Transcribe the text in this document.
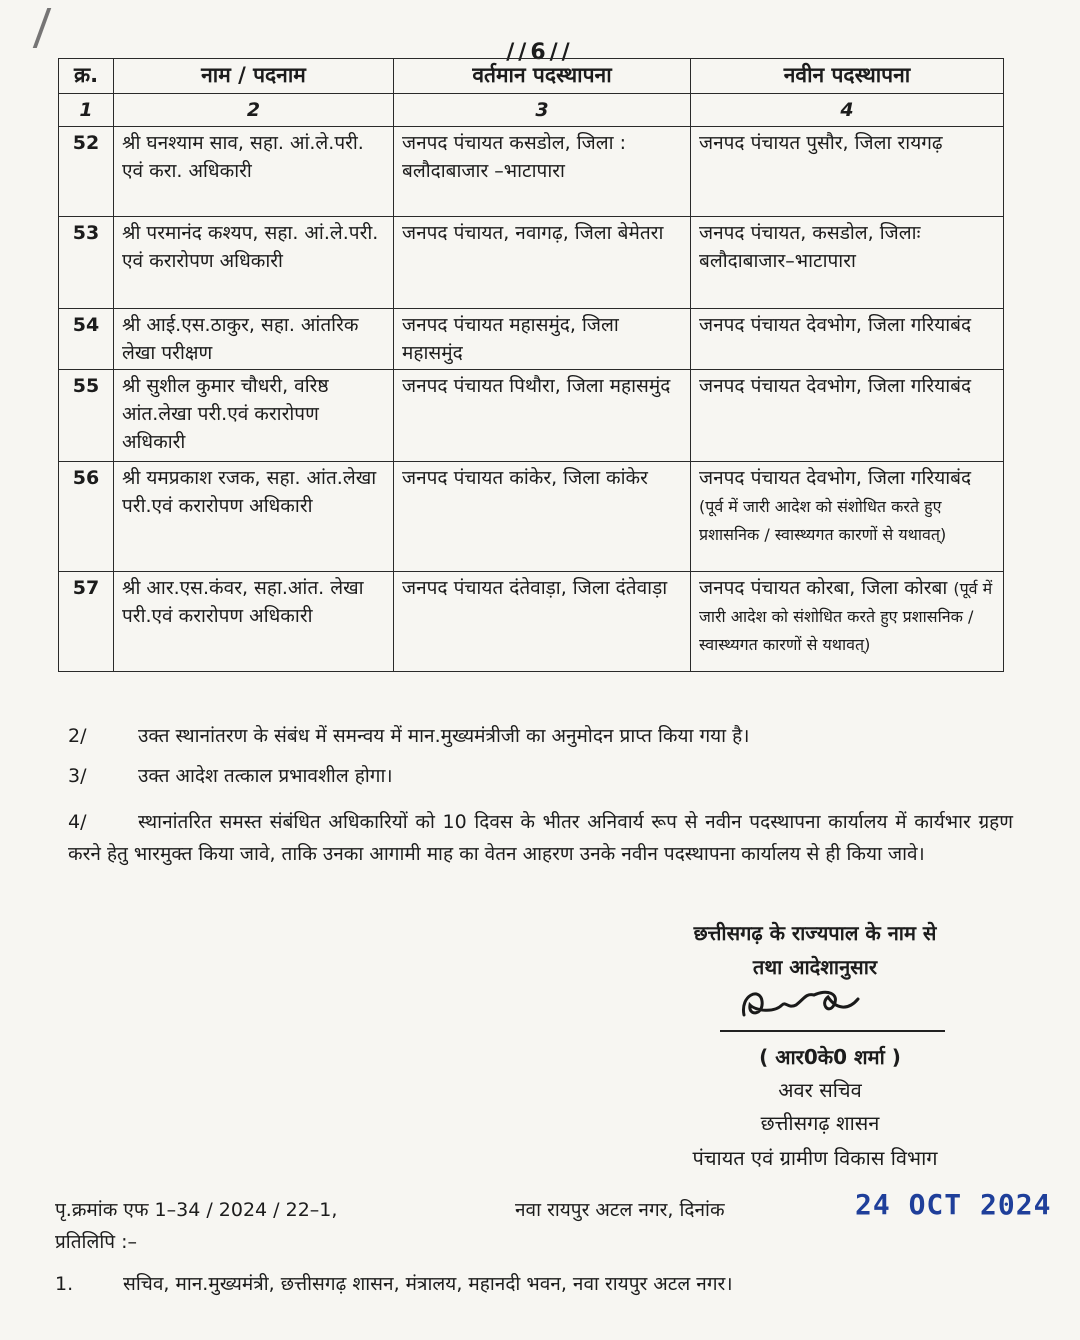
//6//
क्र.	नाम / पदनाम	वर्तमान पदस्थापना	नवीन पदस्थापना
1	2	3	4
52	श्री घनश्याम साव, सहा. आं.ले.परी. एवं करा. अधिकारी	जनपद पंचायत कसडोल, जिला : बलौदाबाजार –भाटापारा	जनपद पंचायत पुसौर, जिला रायगढ़
53	श्री परमानंद कश्यप, सहा. आं.ले.परी. एवं करारोपण अधिकारी	जनपद पंचायत, नवागढ़, जिला बेमेतरा	जनपद पंचायत, कसडोल, जिलाः बलौदाबाजार–भाटापारा
54	श्री आई.एस.ठाकुर, सहा. आंतरिक लेखा परीक्षण	जनपद पंचायत महासमुंद, जिला महासमुंद	जनपद पंचायत देवभोग, जिला गरियाबंद
55	श्री सुशील कुमार चौधरी, वरिष्ठ आंत.लेखा परी.एवं करारोपण अधिकारी	जनपद पंचायत पिथौरा, जिला महासमुंद	जनपद पंचायत देवभोग, जिला गरियाबंद
56	श्री यमप्रकाश रजक, सहा. आंत.लेखा परी.एवं करारोपण अधिकारी	जनपद पंचायत कांकेर, जिला कांकेर	जनपद पंचायत देवभोग, जिला गरियाबंद (पूर्व में जारी आदेश को संशोधित करते हुए प्रशासनिक / स्वास्थ्यगत कारणों से यथावत्)
57	श्री आर.एस.कंवर, सहा.आंत. लेखा परी.एवं करारोपण अधिकारी	जनपद पंचायत दंतेवाड़ा, जिला दंतेवाड़ा	जनपद पंचायत कोरबा, जिला कोरबा (पूर्व में जारी आदेश को संशोधित करते हुए प्रशासनिक / स्वास्थ्यगत कारणों से यथावत्)
2/	उक्त स्थानांतरण के संबंध में समन्वय में मान.मुख्यमंत्रीजी का अनुमोदन प्राप्त किया गया है।
3/	उक्त आदेश तत्काल प्रभावशील होगा।
4/	स्थानांतरित समस्त संबंधित अधिकारियों को 10 दिवस के भीतर अनिवार्य रूप से नवीन पदस्थापना कार्यालय में कार्यभार ग्रहण करने हेतु भारमुक्त किया जावे, ताकि उनका आगामी माह का वेतन आहरण उनके नवीन पदस्थापना कार्यालय से ही किया जावे।
छत्तीसगढ़ के राज्यपाल के नाम से
तथा आदेशानुसार
( आर0के0 शर्मा )
अवर सचिव
छत्तीसगढ़ शासन
पंचायत एवं ग्रामीण विकास विभाग
पृ.क्रमांक एफ 1–34 / 2024 / 22–1,	नवा रायपुर अटल नगर, दिनांक	24 OCT 2024
प्रतिलिपि :–
1.	सचिव, मान.मुख्यमंत्री, छत्तीसगढ़ शासन, मंत्रालय, महानदी भवन, नवा रायपुर अटल नगर।
